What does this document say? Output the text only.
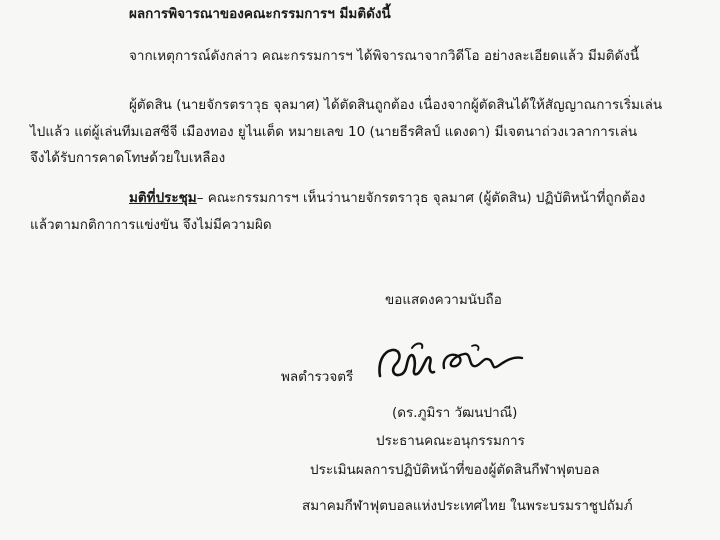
ผลการพิจารณาของคณะกรรมการฯ มีมติดังนี้
จากเหตุการณ์ดังกล่าว คณะกรรมการฯ ได้พิจารณาจากวิดีโอ อย่างละเอียดแล้ว มีมติดังนี้
ผู้ตัดสิน (นายจักรตราวุธ จุลมาศ) ได้ตัดสินถูกต้อง เนื่องจากผู้ตัดสินได้ให้สัญญาณการเริ่มเล่น
ไปแล้ว แต่ผู้เล่นทีมเอสซีจี เมืองทอง ยูไนเต็ด หมายเลข 10 (นายธีรศิลป์ แดงดา) มีเจตนาถ่วงเวลาการเล่น
จึงได้รับการคาดโทษด้วยใบเหลือง
มติที่ประชุม– คณะกรรมการฯ เห็นว่านายจักรตราวุธ จุลมาศ (ผู้ตัดสิน) ปฏิบัติหน้าที่ถูกต้อง
แล้วตามกติกาการแข่งขัน จึงไม่มีความผิด
ขอแสดงความนับถือ
พลตำรวจตรี
(ดร.ภูมิรา วัฒนปาณี)
ประธานคณะอนุกรรมการ
ประเมินผลการปฏิบัติหน้าที่ของผู้ตัดสินกีฬาฟุตบอล
สมาคมกีฬาฟุตบอลแห่งประเทศไทย ในพระบรมราชูปถัมภ์
